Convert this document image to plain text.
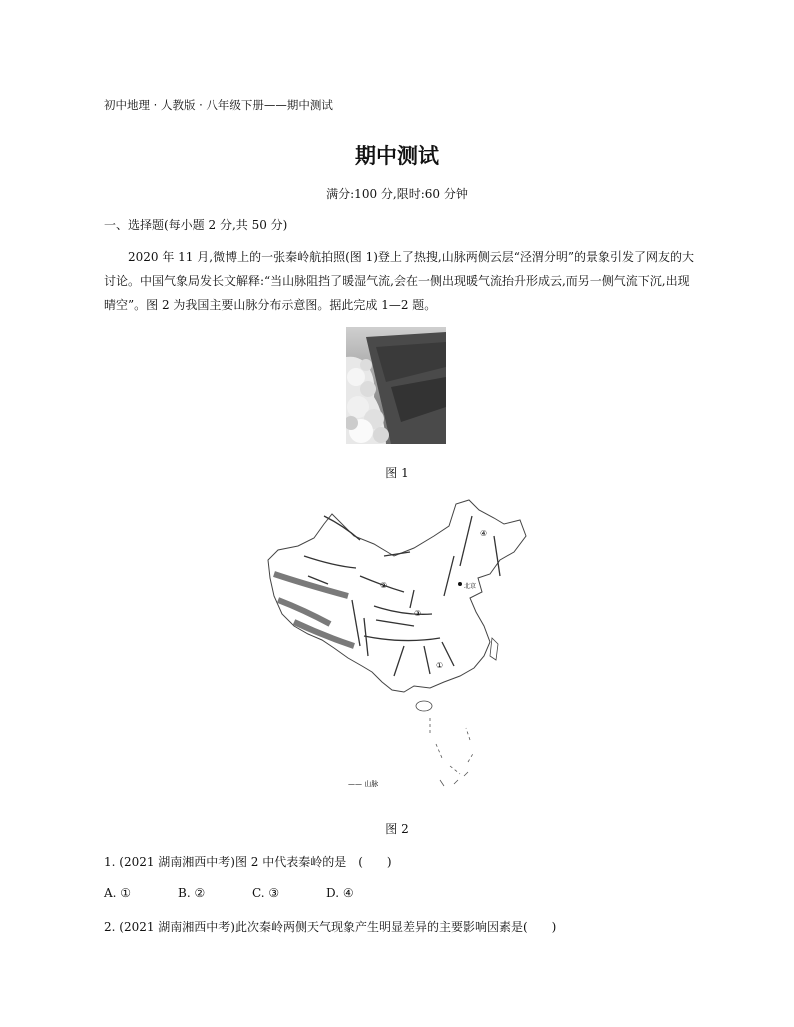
初中地理 · 人教版 · 八年级下册——期中测试
期中测试
满分:100 分,限时:60 分钟
一、选择题(每小题 2 分,共 50 分)
2020 年 11 月,微博上的一张秦岭航拍照(图 1)登上了热搜,山脉两侧云层“泾渭分明”的景象引发了网友的大讨论。中国气象局发长文解释:“当山脉阻挡了暖湿气流,会在一侧出现暖气流抬升形成云,而另一侧气流下沉,出现晴空”。图 2 为我国主要山脉分布示意图。据此完成 1—2 题。
图 1
②
③
①
④
北京
—— 山脉
图 2
1. (2021 湖南湘西中考)图 2 中代表秦岭的是　(　　)
A. ①	B. ②	C. ③	D. ④
2. (2021 湖南湘西中考)此次秦岭两侧天气现象产生明显差异的主要影响因素是(　　)
